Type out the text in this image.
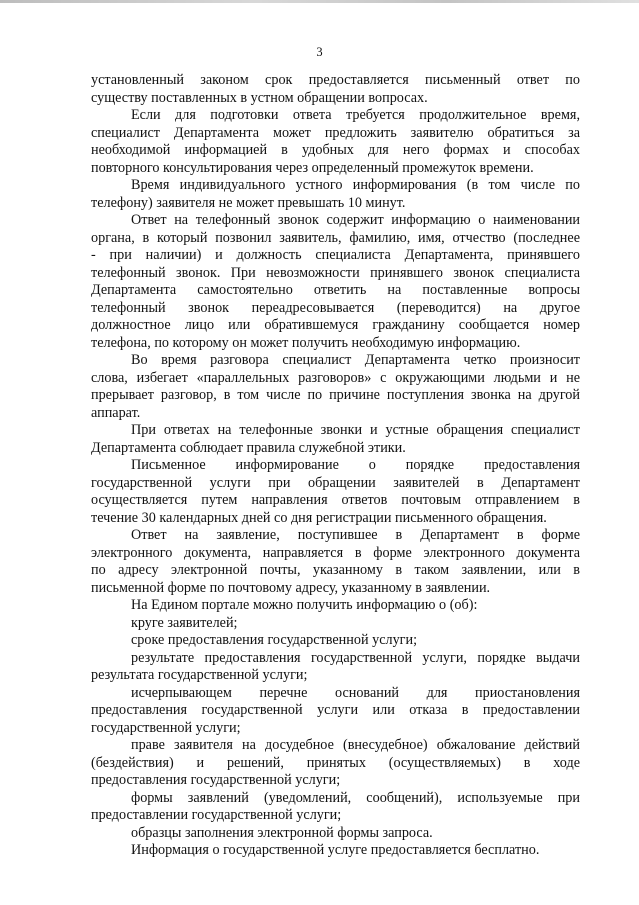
3
установленный законом срок предоставляется письменный ответ по
существу поставленных в устном обращении вопросах.
Если для подготовки ответа требуется продолжительное время,
специалист Департамента может предложить заявителю обратиться за
необходимой информацией в удобных для него формах и способах
повторного консультирования через определенный промежуток времени.
Время индивидуального устного информирования (в том числе по
телефону) заявителя не может превышать 10 минут.
Ответ на телефонный звонок содержит информацию о наименовании
органа, в который позвонил заявитель, фамилию, имя, отчество (последнее
- при наличии) и должность специалиста Департамента, принявшего
телефонный звонок. При невозможности принявшего звонок специалиста
Департамента самостоятельно ответить на поставленные вопросы
телефонный звонок переадресовывается (переводится) на другое
должностное лицо или обратившемуся гражданину сообщается номер
телефона, по которому он может получить необходимую информацию.
Во время разговора специалист Департамента четко произносит
слова, избегает «параллельных разговоров» с окружающими людьми и не
прерывает разговор, в том числе по причине поступления звонка на другой
аппарат.
При ответах на телефонные звонки и устные обращения специалист
Департамента соблюдает правила служебной этики.
Письменное информирование о порядке предоставления
государственной услуги при обращении заявителей в Департамент
осуществляется путем направления ответов почтовым отправлением в
течение 30 календарных дней со дня регистрации письменного обращения.
Ответ на заявление, поступившее в Департамент в форме
электронного документа, направляется в форме электронного документа
по адресу электронной почты, указанному в таком заявлении, или в
письменной форме по почтовому адресу, указанному в заявлении.
На Едином портале можно получить информацию о (об):
круге заявителей;
сроке предоставления государственной услуги;
результате предоставления государственной услуги, порядке выдачи
результата государственной услуги;
исчерпывающем перечне оснований для приостановления
предоставления государственной услуги или отказа в предоставлении
государственной услуги;
праве заявителя на досудебное (внесудебное) обжалование действий
(бездействия) и решений, принятых (осуществляемых) в ходе
предоставления государственной услуги;
формы заявлений (уведомлений, сообщений), используемые при
предоставлении государственной услуги;
образцы заполнения электронной формы запроса.
Информация о государственной услуге предоставляется бесплатно.
